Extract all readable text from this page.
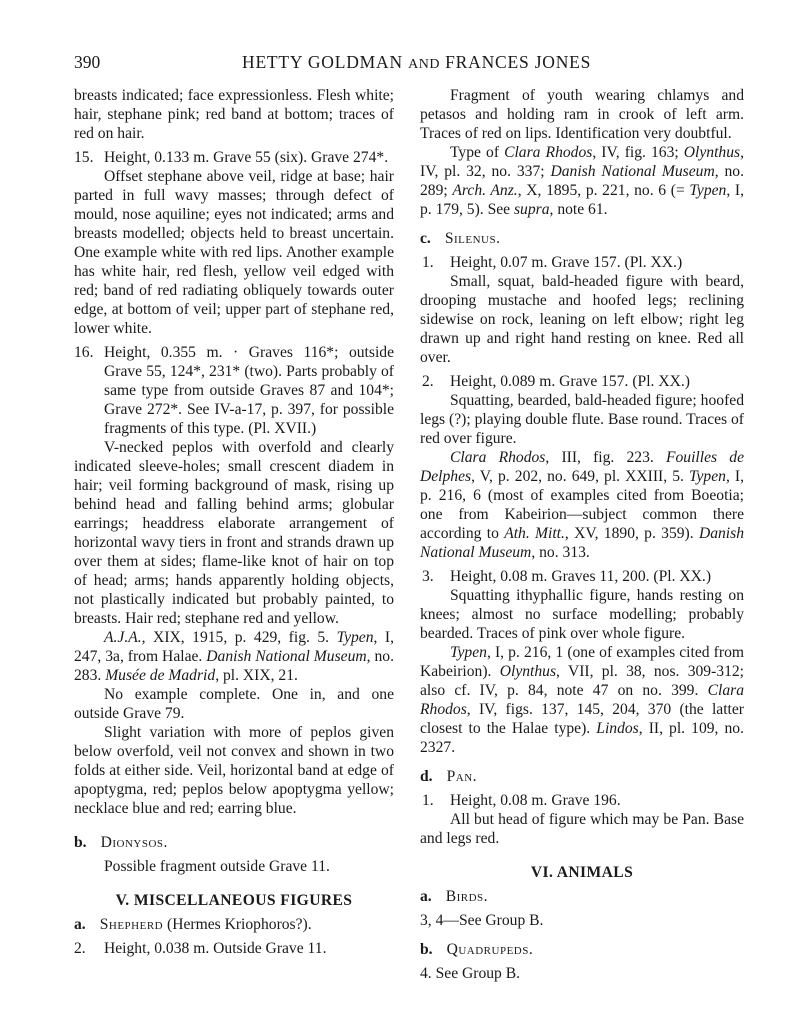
390	HETTY GOLDMAN AND FRANCES JONES

breasts indicated; face expressionless. Flesh white; hair, stephane pink; red band at bottom; traces of red on hair.

15. Height, 0.133 m. Grave 55 (six). Grave 274*.

Offset stephane above veil, ridge at base; hair parted in full wavy masses; through defect of mould, nose aquiline; eyes not indicated; arms and breasts modelled; objects held to breast uncertain. One example white with red lips. Another example has white hair, red flesh, yellow veil edged with red; band of red radiating obliquely towards outer edge, at bottom of veil; upper part of stephane red, lower white.

16. Height, 0.355 m. · Graves 116*; outside Grave 55, 124*, 231* (two). Parts probably of same type from outside Graves 87 and 104*; Grave 272*. See IV-a-17, p. 397, for possible fragments of this type. (Pl. XVII.)

V-necked peplos with overfold and clearly indicated sleeve-holes; small crescent diadem in hair; veil forming background of mask, rising up behind head and falling behind arms; globular earrings; headdress elaborate arrangement of horizontal wavy tiers in front and strands drawn up over them at sides; flame-like knot of hair on top of head; arms; hands apparently holding objects, not plastically indicated but probably painted, to breasts. Hair red; stephane red and yellow.

A.J.A., XIX, 1915, p. 429, fig. 5. Typen, I, 247, 3a, from Halae. Danish National Museum, no. 283. Musée de Madrid, pl. XIX, 21.

No example complete. One in, and one outside Grave 79.

Slight variation with more of peplos given below overfold, veil not convex and shown in two folds at either side. Veil, horizontal band at edge of apoptygma, red; peplos below apoptygma yellow; necklace blue and red; earring blue.

b. Dionysos.

Possible fragment outside Grave 11.

V. MISCELLANEOUS FIGURES
a. Shepherd (Hermes Kriophoros?).
2. Height, 0.038 m. Outside Grave 11.

Fragment of youth wearing chlamys and petasos and holding ram in crook of left arm. Traces of red on lips. Identification very doubtful.

Type of Clara Rhodos, IV, fig. 163; Olynthus, IV, pl. 32, no. 337; Danish National Museum, no. 289; Arch. Anz., X, 1895, p. 221, no. 6 (= Typen, I, p. 179, 5). See supra, note 61.

c. Silenus.
1. Height, 0.07 m. Grave 157. (Pl. XX.)

Small, squat, bald-headed figure with beard, drooping mustache and hoofed legs; reclining sidewise on rock, leaning on left elbow; right leg drawn up and right hand resting on knee. Red all over.

2. Height, 0.089 m. Grave 157. (Pl. XX.)

Squatting, bearded, bald-headed figure; hoofed legs (?); playing double flute. Base round. Traces of red over figure.

Clara Rhodos, III, fig. 223. Fouilles de Delphes, V, p. 202, no. 649, pl. XXIII, 5. Typen, I, p. 216, 6 (most of examples cited from Boeotia; one from Kabeirion—subject common there according to Ath. Mitt., XV, 1890, p. 359). Danish National Museum, no. 313.

3. Height, 0.08 m. Graves 11, 200. (Pl. XX.)

Squatting ithyphallic figure, hands resting on knees; almost no surface modelling; probably bearded. Traces of pink over whole figure.

Typen, I, p. 216, 1 (one of examples cited from Kabeirion). Olynthus, VII, pl. 38, nos. 309-312; also cf. IV, p. 84, note 47 on no. 399. Clara Rhodos, IV, figs. 137, 145, 204, 370 (the latter closest to the Halae type). Lindos, II, pl. 109, no. 2327.

d. Pan.
1. Height, 0.08 m. Grave 196.

All but head of figure which may be Pan. Base and legs red.

VI. ANIMALS
a. Birds.

3, 4—See Group B.

b. Quadrupeds.

4. See Group B.
